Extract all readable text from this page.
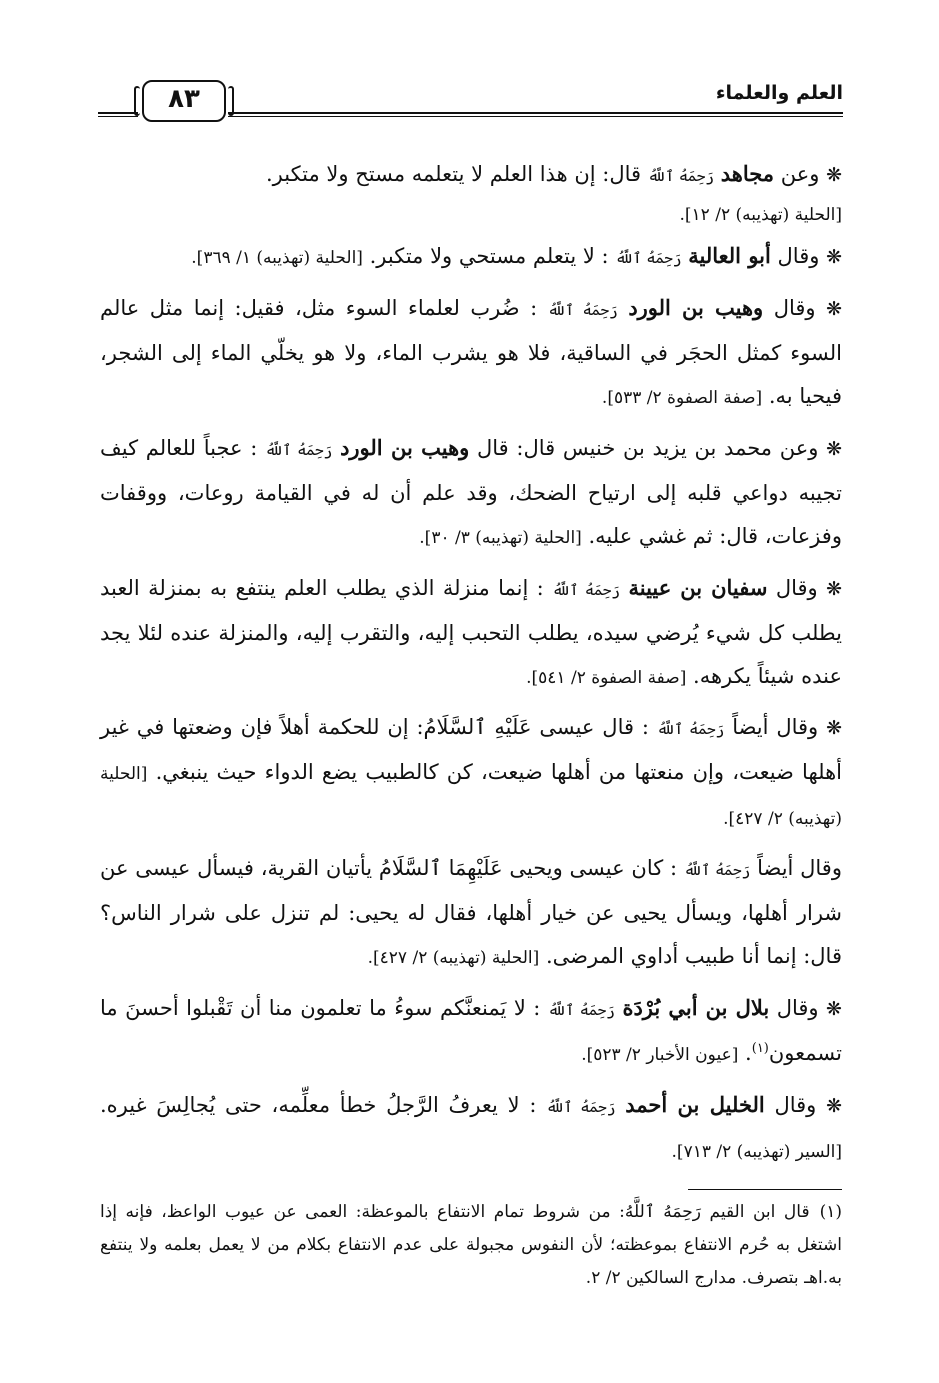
٨٣	العلم والعلماء

❋ وعن مجاهد رَحِمَهُ ٱللَّهُ قال: إن هذا العلم لا يتعلمه مستح ولا متكبر.
[الحلية (تهذيبه) ٢/ ١٢].

❋ وقال أبو العالية رَحِمَهُ ٱللَّهُ : لا يتعلم مستحي ولا متكبر. [الحلية (تهذيبه) ١/ ٣٦٩].

❋ وقال وهيب بن الورد رَحِمَهُ ٱللَّهُ : ضُرب لعلماء السوء مثل، فقيل: إنما مثل عالم السوء كمثل الحجَر في الساقية، فلا هو يشرب الماء، ولا هو يخلّي الماء إلى الشجر، فيحيا به. [صفة الصفوة ٢/ ٥٣٣].

❋ وعن محمد بن يزيد بن خنيس قال: قال وهيب بن الورد رَحِمَهُ ٱللَّهُ : عجباً للعالم كيف تجيبه دواعي قلبه إلى ارتياح الضحك، وقد علم أن له في القيامة روعات، ووقفات وفزعات، قال: ثم غشي عليه. [الحلية (تهذيبه) ٣/ ٣٠].

❋ وقال سفيان بن عيينة رَحِمَهُ ٱللَّهُ : إنما منزلة الذي يطلب العلم ينتفع به بمنزلة العبد يطلب كل شيء يُرضي سيده، يطلب التحبب إليه، والتقرب إليه، والمنزلة عنده لئلا يجد عنده شيئاً يكرهه. [صفة الصفوة ٢/ ٥٤١].

❋ وقال أيضاً رَحِمَهُ ٱللَّهُ : قال عيسى عَلَيْهِ ٱلسَّلَامُ: إن للحكمة أهلاً فإن وضعتها في غير أهلها ضيعت، وإن منعتها من أهلها ضيعت، كن كالطبيب يضع الدواء حيث ينبغي. [الحلية (تهذيبه) ٢/ ٤٢٧].

وقال أيضاً رَحِمَهُ ٱللَّهُ : كان عيسى ويحيى عَلَيْهِمَا ٱلسَّلَامُ يأتيان القرية، فيسأل عيسى عن شرار أهلها، ويسأل يحيى عن خيار أهلها، فقال له يحيى: لم تنزل على شرار الناس؟ قال: إنما أنا طبيب أداوي المرضى. [الحلية (تهذيبه) ٢/ ٤٢٧].

❋ وقال بلال بن أبي بُرْدَة رَحِمَهُ ٱللَّهُ : لا يَمنعنَّكم سوءُ ما تعلمون منا أن تَقْبلوا أحسنَ ما تسمعون$^{(١)}$. [عيون الأخبار ٢/ ٥٢٣].

❋ وقال الخليل بن أحمد رَحِمَهُ ٱللَّهُ : لا يعرفُ الرَّجلُ خطأ معلِّمه، حتى يُجالِسَ غيره. [السير (تهذيبه) ٢/ ٧١٣].

(١)قال ابن القيم رَحِمَهُ ٱللَّهُ: من شروط تمام الانتفاع بالموعظة: العمى عن عيوب الواعظ، فإنه إذا اشتغل به حُرم الانتفاع بموعظته؛ لأن النفوس مجبولة على عدم الانتفاع بكلام من لا يعمل بعلمه ولا ينتفع به.اهـ بتصرف. مدارج السالكين ٢/ ٢.
